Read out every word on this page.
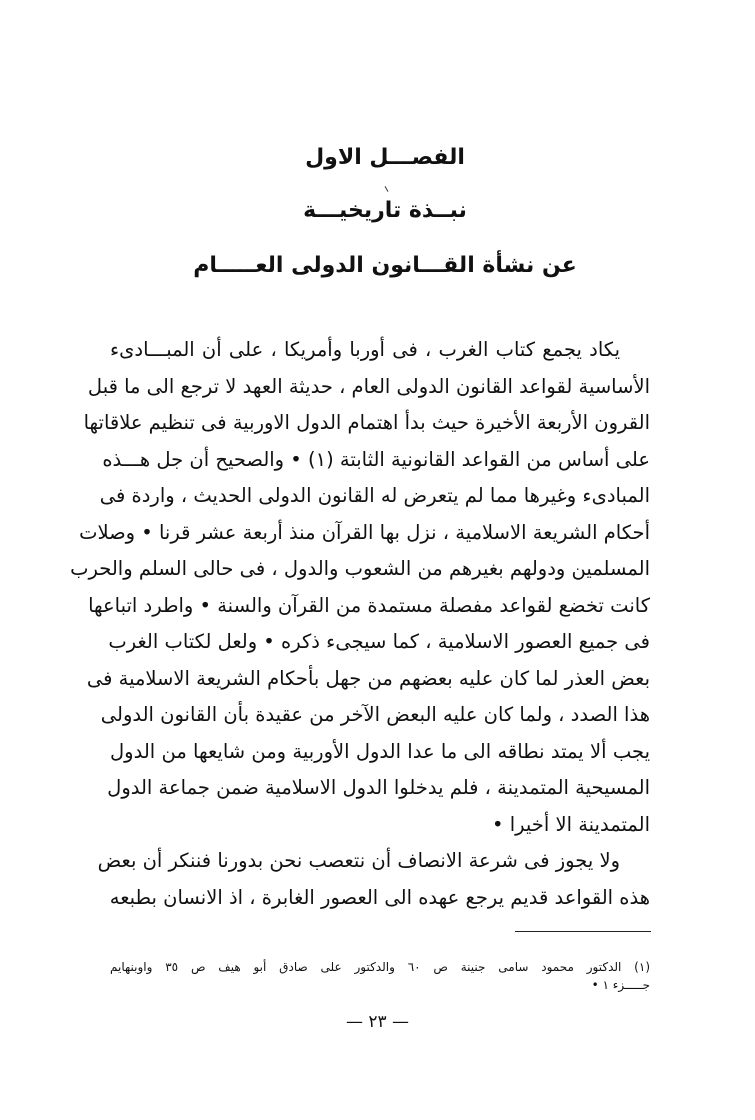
الفصـــل الاول
نبــذة تاريخيـــة
عن نشأة القـــانون الدولى العـــــام
يكاد يجمع كتاب الغرب ، فى أوربا وأمريكا ، على أن المبـــادىء
الأساسية لقواعد القانون الدولى العام ، حديثة العهد لا ترجع الى ما قبل
القرون الأربعة الأخيرة حيث بدأ اهتمام الدول الاوربية فى تنظيم علاقاتها
على أساس من القواعد القانونية الثابتة (١) • والصحيح أن جل هـــذه
المبادىء وغيرها مما لم يتعرض له القانون الدولى الحديث ، واردة فى
أحكام الشريعة الاسلامية ، نزل بها القرآن منذ أربعة عشر قرنا • وصلات
المسلمين ودولهم بغيرهم من الشعوب والدول ، فى حالى السلم والحرب
كانت تخضع لقواعد مفصلة مستمدة من القرآن والسنة • واطرد اتباعها
فى جميع العصور الاسلامية ، كما سيجىء ذكره • ولعل لكتاب الغرب
بعض العذر لما كان عليه بعضهم من جهل بأحكام الشريعة الاسلامية فى
هذا الصدد ، ولما كان عليه البعض الآخر من عقيدة بأن القانون الدولى
يجب ألا يمتد نطاقه الى ما عدا الدول الأوربية ومن شايعها من الدول
المسيحية المتمدينة ، فلم يدخلوا الدول الاسلامية ضمن جماعة الدول
المتمدينة الا أخيرا •
ولا يجوز فى شرعة الانصاف أن نتعصب نحن بدورنا فننكر أن بعض
هذه القواعد قديم يرجع عهده الى العصور الغابرة ، اذ الانسان بطبعه
(١) الدكتور محمود سامى جنينة ص ٦٠ والدكتور على صادق أبو هيف ص ٣٥ واوبنهايم
جـــــزء ١ •
— ٢٣ —
